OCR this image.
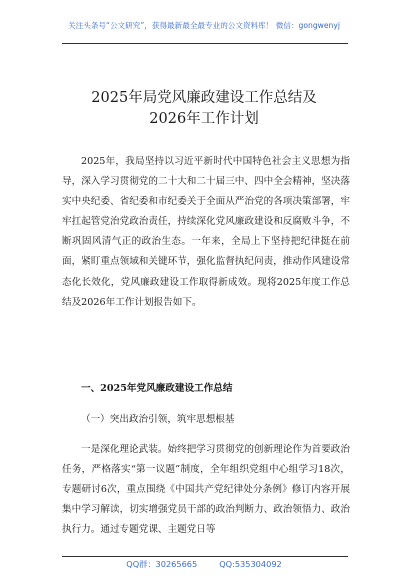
关注头条号“公文研究”，获得最新最全最专业的公文资料库！ 微信：gongwenyj
2025年局党风廉政建设工作总结及
2026年工作计划
2025年，我局坚持以习近平新时代中国特色社会主义思想为指导，深入学习贯彻党的二十大和二十届三中、四中全会精神，坚决落实中央纪委、省纪委和市纪委关于全面从严治党的各项决策部署，牢牢扛起管党治党政治责任，持续深化党风廉政建设和反腐败斗争，不断巩固风清气正的政治生态。一年来，全局上下坚持把纪律挺在前面，紧盯重点领域和关键环节，强化监督执纪问责，推动作风建设常态化长效化，党风廉政建设工作取得新成效。现将2025年度工作总结及2026年工作计划报告如下。
一、2025年党风廉政建设工作总结
（一）突出政治引领，筑牢思想根基
一是深化理论武装。始终把学习贯彻党的创新理论作为首要政治任务，严格落实“第一议题”制度，全年组织党组中心组学习18次，专题研讨6次，重点围绕《中国共产党纪律处分条例》修订内容开展集中学习解读，切实增强党员干部的政治判断力、政治领悟力、政治执行力。通过专题党课、主题党日等
QQ群：30265665	QQ:535304092
